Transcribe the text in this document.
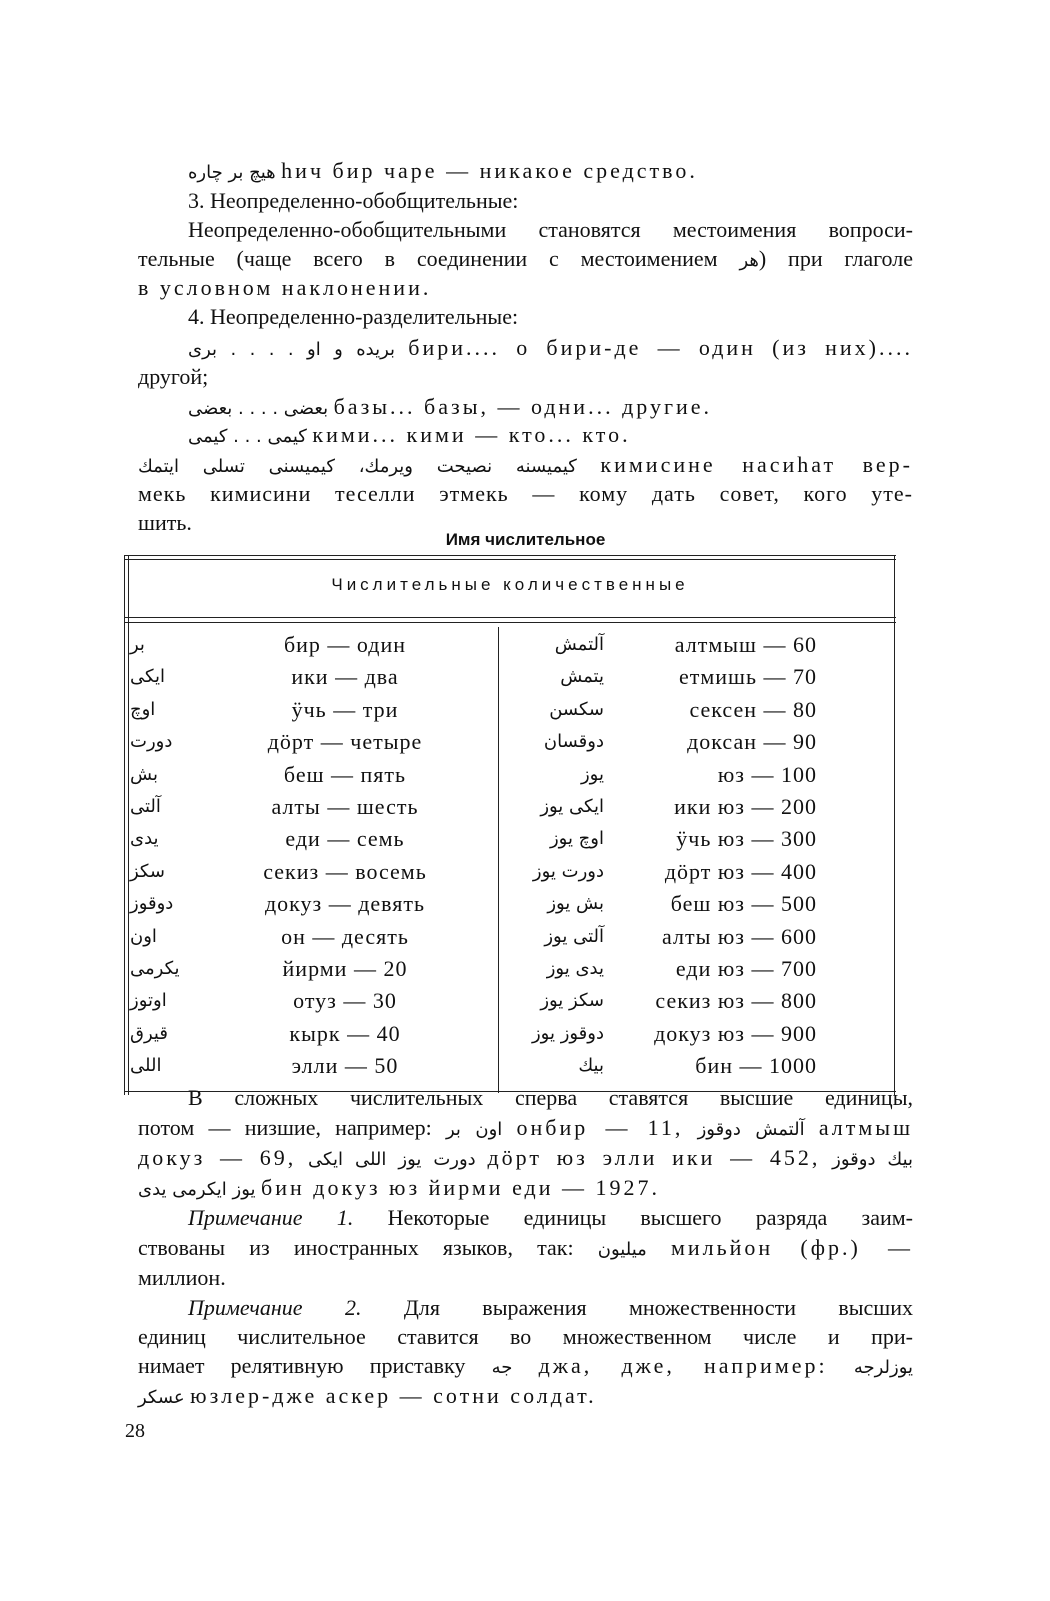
هیچ بر چاره hич бир чаре — никакое средство.
3. Неопределенно-обобщительные:
Неопределенно-обобщительными становятся местоимения вопроси-
тельные (чаще всего в соединении с местоимением هر) при глаголе
в условном наклонении.
4. Неопределенно-разделительные:
بریده و او . . . . بری бири.... о бири-де — один (из них)....
другой;
بعضی . . . . بعضی базы... базы, — одни... другие.
کیمی . . . کیمی кими... кими — кто... кто.
کیمیسنه نصیحت ویرمك، کیمیسنی تسلی ایتمك кимисине насиhат вер-
мекь кимисини теселли этмекь — кому дать совет, кого уте-
шить.
Имя числительное
Числительные количественные
بر	бир — один	آلتمش	алтмыш — 60
ایکی	ики — два	یتمش	етмишь — 70
اوچ	ӱчь — три	سکسن	сексен — 80
دورت	дӧрт — четыре	دوقسان	доксан — 90
بش	беш — пять	یوز	юз — 100
آلتی	алты — шесть	ایکی یوز	ики юз — 200
یدی	еди — семь	اوچ یوز	ӱчь юз — 300
سکز	секиз — восемь	دورت یوز	дӧрт юз — 400
دوقوز	докуз — девять	بش یوز	беш юз — 500
اون	он — десять	آلتی یوز	алты юз — 600
یکرمی	йирми — 20	یدی یوز	еди юз — 700
اوتوز	отуз — 30	سکز یوز	секиз юз — 800
قیرق	кырк — 40	دوقوز یوز	докуз юз — 900
اللی	элли — 50	بیك	бин — 1000
В сложных числительных сперва ставятся высшие единицы,
потом — низшие, например: اون بر онбир — 11, آلتمش دوقوز алтмыш
докуз — 69, دورت یوز اللی ایکی дӧрт юз элли ики — 452, بیك دوقوز
یوز ایکرمی یدی бин докуз юз йирми еди — 1927.
Примечание 1. Некоторые единицы высшего разряда заим-
ствованы из иностранных языков, так: میلیون мильйон (фр.) —
миллион.
Примечание 2. Для выражения множественности высших
единиц числительное ставится во множественном числе и при-
нимает релятивную приставку جه джа, дже, например: یوزلرجه
عسکر юзлер-дже аскер — сотни солдат.
28
